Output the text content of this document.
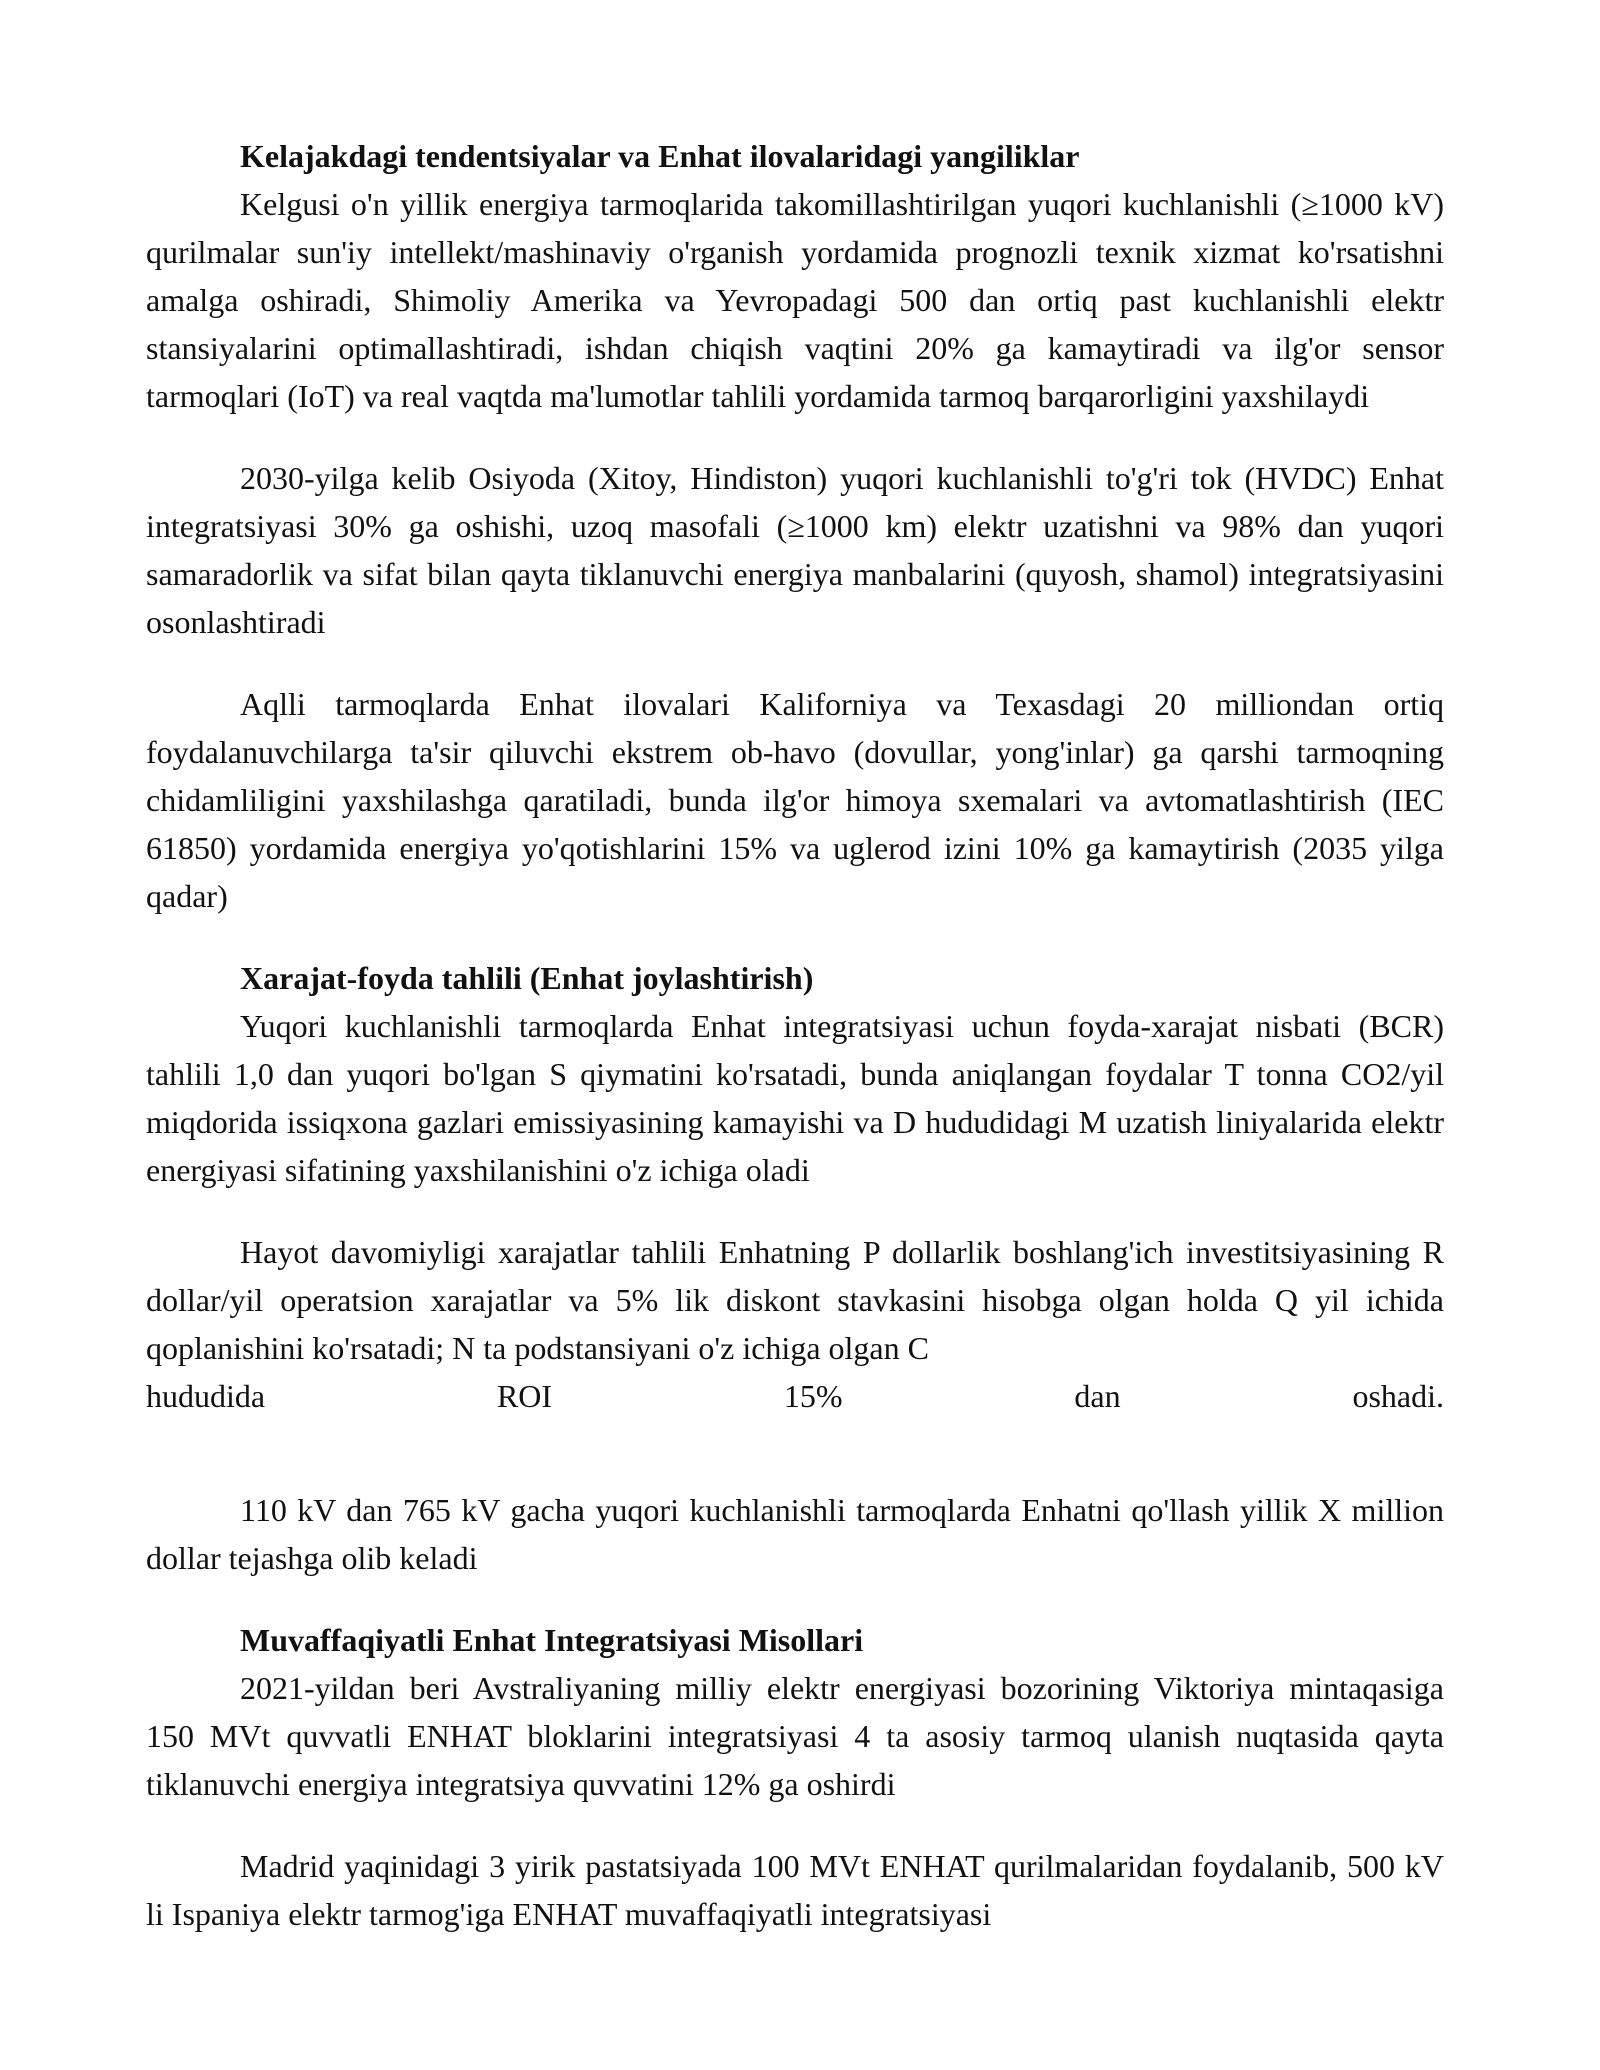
Kelajakdagi tendentsiyalar va Enhat ilovalaridagi yangiliklar

Kelgusi o'n yillik energiya tarmoqlarida takomillashtirilgan yuqori kuchlanishli (≥1000 kV) qurilmalar sun'iy intellekt/mashinaviy o'rganish yordamida prognozli texnik xizmat ko'rsatishni amalga oshiradi, Shimoliy Amerika va Yevropadagi 500 dan ortiq past kuchlanishli elektr stansiyalarini optimallashtiradi, ishdan chiqish vaqtini 20% ga kamaytiradi va ilg'or sensor tarmoqlari (IoT) va real vaqtda ma'lumotlar tahlili yordamida tarmoq barqarorligini yaxshilaydi

2030-yilga kelib Osiyoda (Xitoy, Hindiston) yuqori kuchlanishli to'g'ri tok (HVDC) Enhat integratsiyasi 30% ga oshishi, uzoq masofali (≥1000 km) elektr uzatishni va 98% dan yuqori samaradorlik va sifat bilan qayta tiklanuvchi energiya manbalarini (quyosh, shamol) integratsiyasini osonlashtiradi

Aqlli tarmoqlarda Enhat ilovalari Kaliforniya va Texasdagi 20 milliondan ortiq foydalanuvchilarga ta'sir qiluvchi ekstrem ob-havo (dovullar, yong'inlar) ga qarshi tarmoqning chidamliligini yaxshilashga qaratiladi, bunda ilg'or himoya sxemalari va avtomatlashtirish (IEC 61850) yordamida energiya yo'qotishlarini 15% va uglerod izini 10% ga kamaytirish (2035 yilga qadar)

Xarajat-foyda tahlili (Enhat joylashtirish)

Yuqori kuchlanishli tarmoqlarda Enhat integratsiyasi uchun foyda-xarajat nisbati (BCR) tahlili 1,0 dan yuqori bo'lgan S qiymatini ko'rsatadi, bunda aniqlangan foydalar T tonna CO2/yil miqdorida issiqxona gazlari emissiyasining kamayishi va D hududidagi M uzatish liniyalarida elektr energiyasi sifatining yaxshilanishini o'z ichiga oladi

Hayot davomiyligi xarajatlar tahlili Enhatning P dollarlik boshlang'ich investitsiyasining R dollar/yil operatsion xarajatlar va 5% lik diskont stavkasini hisobga olgan holda Q yil ichida qoplanishini ko'rsatadi; N ta podstansiyani o'z ichiga olgan C

hududida	ROI	15%	dan	oshadi.

110 kV dan 765 kV gacha yuqori kuchlanishli tarmoqlarda Enhatni qo'llash yillik X million dollar tejashga olib keladi

Muvaffaqiyatli Enhat Integratsiyasi Misollari

2021-yildan beri Avstraliyaning milliy elektr energiyasi bozorining Viktoriya mintaqasiga 150 MVt quvvatli ENHAT bloklarini integratsiyasi 4 ta asosiy tarmoq ulanish nuqtasida qayta tiklanuvchi energiya integratsiya quvvatini 12% ga oshirdi

Madrid yaqinidagi 3 yirik pastatsiyada 100 MVt ENHAT qurilmalaridan foydalanib, 500 kV li Ispaniya elektr tarmog'iga ENHAT muvaffaqiyatli integratsiyasi
